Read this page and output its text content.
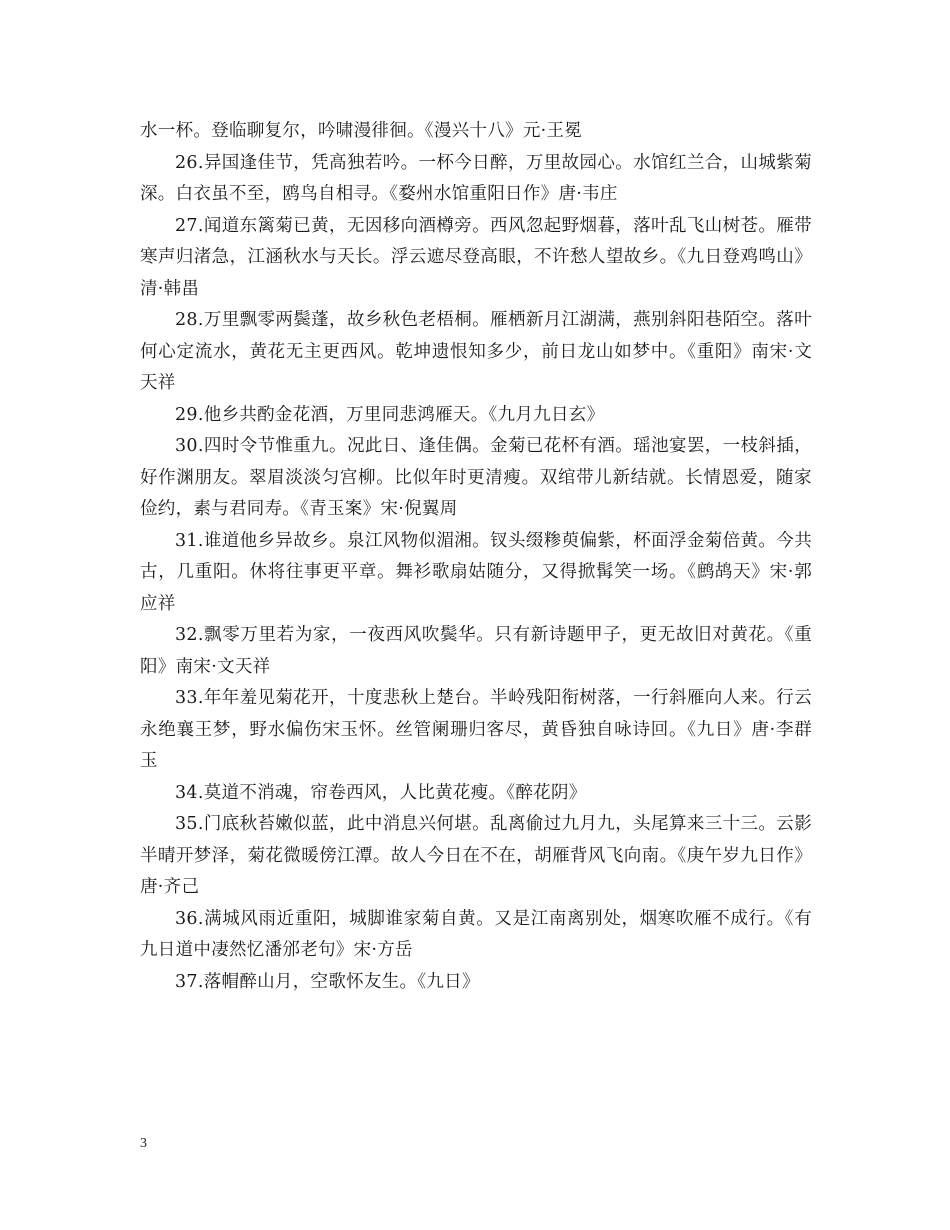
水一杯。登临聊复尔，吟啸漫徘徊。《漫兴十八》元·王冕

26.异国逢佳节，凭高独若吟。一杯今日醉，万里故园心。水馆红兰合，山城紫菊深。白衣虽不至，鸥鸟自相寻。《婺州水馆重阳日作》唐·韦庄

27.闻道东篱菊已黄，无因移向酒樽旁。西风忽起野烟暮，落叶乱飞山树苍。雁带寒声归渚急，江涵秋水与天长。浮云遮尽登高眼，不许愁人望故乡。《九日登鸡鸣山》清·韩畕

28.万里飘零两鬓蓬，故乡秋色老梧桐。雁栖新月江湖满，燕别斜阳巷陌空。落叶何心定流水，黄花无主更西风。乾坤遗恨知多少，前日龙山如梦中。《重阳》南宋·文天祥

29.他乡共酌金花酒，万里同悲鸿雁天。《九月九日玄》

30.四时令节惟重九。况此日、逢佳偶。金菊已花杯有酒。瑶池宴罢，一枝斜插，好作渊朋友。翠眉淡淡匀宫柳。比似年时更清瘦。双绾带儿新结就。长情恩爱，随家俭约，素与君同寿。《青玉案》宋·倪翼周

31.谁道他乡异故乡。泉江风物似湄湘。钗头缀糁萸偏紫，杯面浮金菊倍黄。今共古，几重阳。休将往事更平章。舞衫歌扇姑随分，又得掀髯笑一场。《鹧鸪天》宋·郭应祥

32.飘零万里若为家，一夜西风吹鬓华。只有新诗题甲子，更无故旧对黄花。《重阳》南宋·文天祥

33.年年羞见菊花开，十度悲秋上楚台。半岭残阳衔树落，一行斜雁向人来。行云永绝襄王梦，野水偏伤宋玉怀。丝管阑珊归客尽，黄昏独自咏诗回。《九日》唐·李群玉

34.莫道不消魂，帘卷西风，人比黄花瘦。《醉花阴》

35.门底秋苔嫩似蓝，此中消息兴何堪。乱离偷过九月九，头尾算来三十三。云影半晴开梦泽，菊花微暖傍江潭。故人今日在不在，胡雁背风飞向南。《庚午岁九日作》唐·齐己

36.满城风雨近重阳，城脚谁家菊自黄。又是江南离别处，烟寒吹雁不成行。《有九日道中凄然忆潘邠老句》宋·方岳

37.落帽醉山月，空歌怀友生。《九日》

3
